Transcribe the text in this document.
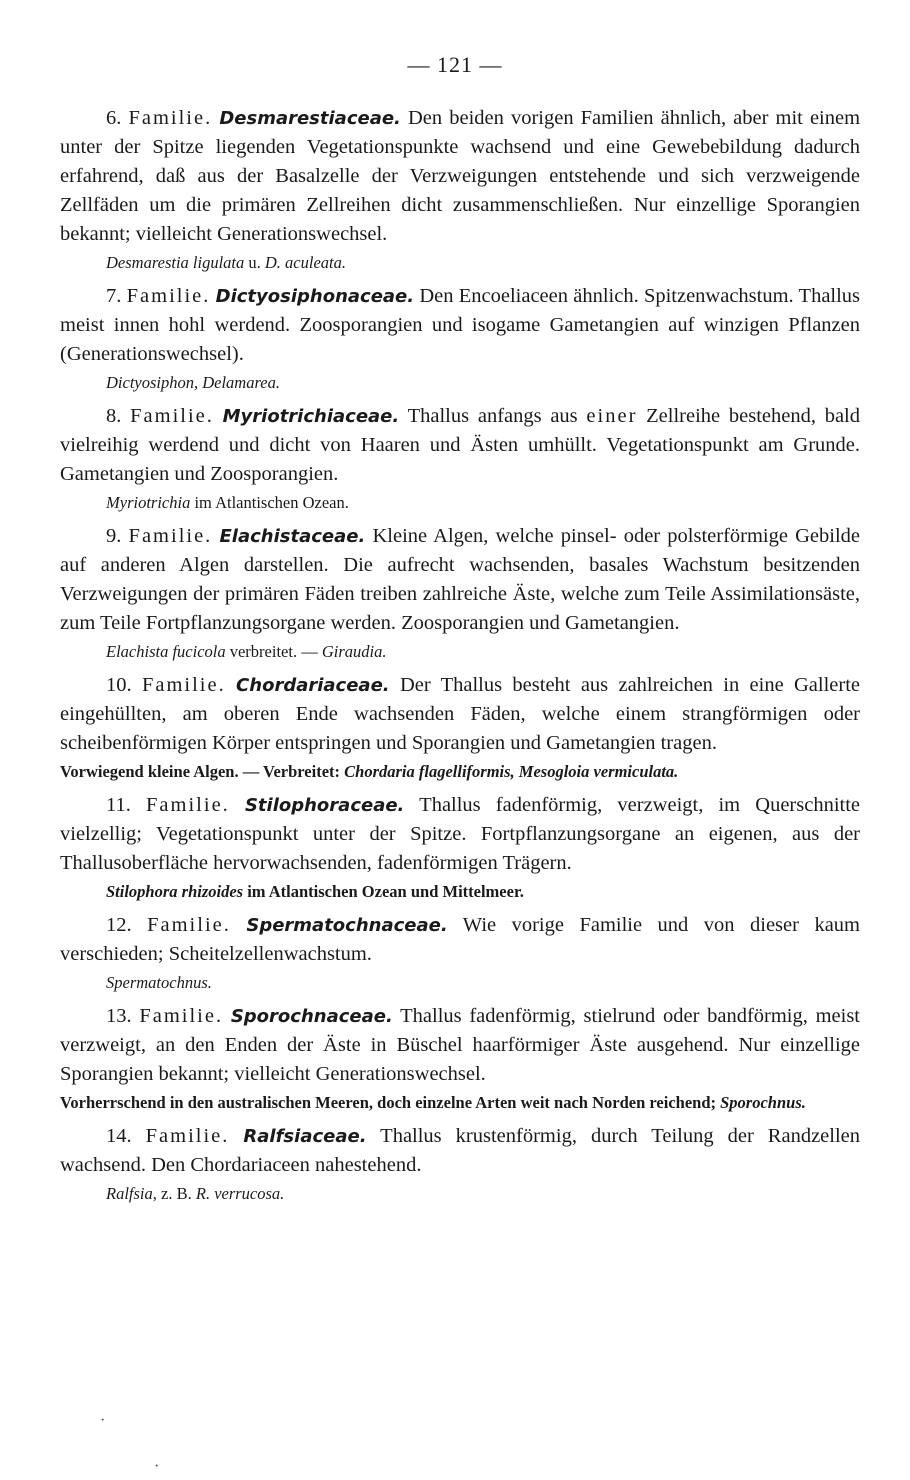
— 121 —

6. Familie. Desmarestiaceae. Den beiden vorigen Familien ähnlich, aber mit einem unter der Spitze liegenden Vegetationspunkte wachsend und eine Gewebebildung dadurch erfahrend, daß aus der Basalzelle der Verzweigungen entstehende und sich verzweigende Zellfäden um die primären Zellreihen dicht zusammenschließen. Nur einzellige Sporangien bekannt; vielleicht Generationswechsel.

Desmarestia ligulata u. D. aculeata.

7. Familie. Dictyosiphonaceae. Den Encoeliaceen ähnlich. Spitzenwachstum. Thallus meist innen hohl werdend. Zoosporangien und isogame Gametangien auf winzigen Pflanzen (Generationswechsel).

Dictyosiphon, Delamarea.

8. Familie. Myriotrichiaceae. Thallus anfangs aus einer Zellreihe bestehend, bald vielreihig werdend und dicht von Haaren und Ästen umhüllt. Vegetationspunkt am Grunde. Gametangien und Zoosporangien.

Myriotrichia im Atlantischen Ozean.

9. Familie. Elachistaceae. Kleine Algen, welche pinsel- oder polsterförmige Gebilde auf anderen Algen darstellen. Die aufrecht wachsenden, basales Wachstum besitzenden Verzweigungen der primären Fäden treiben zahlreiche Äste, welche zum Teile Assimilationsäste, zum Teile Fortpflanzungsorgane werden. Zoosporangien und Gametangien.

Elachista fucicola verbreitet. — Giraudia.

10. Familie. Chordariaceae. Der Thallus besteht aus zahlreichen in eine Gallerte eingehüllten, am oberen Ende wachsenden Fäden, welche einem strangförmigen oder scheibenförmigen Körper entspringen und Sporangien und Gametangien tragen.

Vorwiegend kleine Algen. — Verbreitet: Chordaria flagelliformis, Mesogloia vermiculata.

11. Familie. Stilophoraceae. Thallus fadenförmig, verzweigt, im Querschnitte vielzellig; Vegetationspunkt unter der Spitze. Fortpflanzungsorgane an eigenen, aus der Thallusoberfläche hervorwachsenden, fadenförmigen Trägern.

Stilophora rhizoides im Atlantischen Ozean und Mittelmeer.

12. Familie. Spermatochnaceae. Wie vorige Familie und von dieser kaum verschieden; Scheitelzellenwachstum.

Spermatochnus.

13. Familie. Sporochnaceae. Thallus fadenförmig, stielrund oder bandförmig, meist verzweigt, an den Enden der Äste in Büschel haarförmiger Äste ausgehend. Nur einzellige Sporangien bekannt; vielleicht Generationswechsel.

Vorherrschend in den australischen Meeren, doch einzelne Arten weit nach Norden reichend; Sporochnus.

14. Familie. Ralfsiaceae. Thallus krustenförmig, durch Teilung der Randzellen wachsend. Den Chordariaceen nahestehend.

Ralfsia, z. B. R. verrucosa.

·
·
